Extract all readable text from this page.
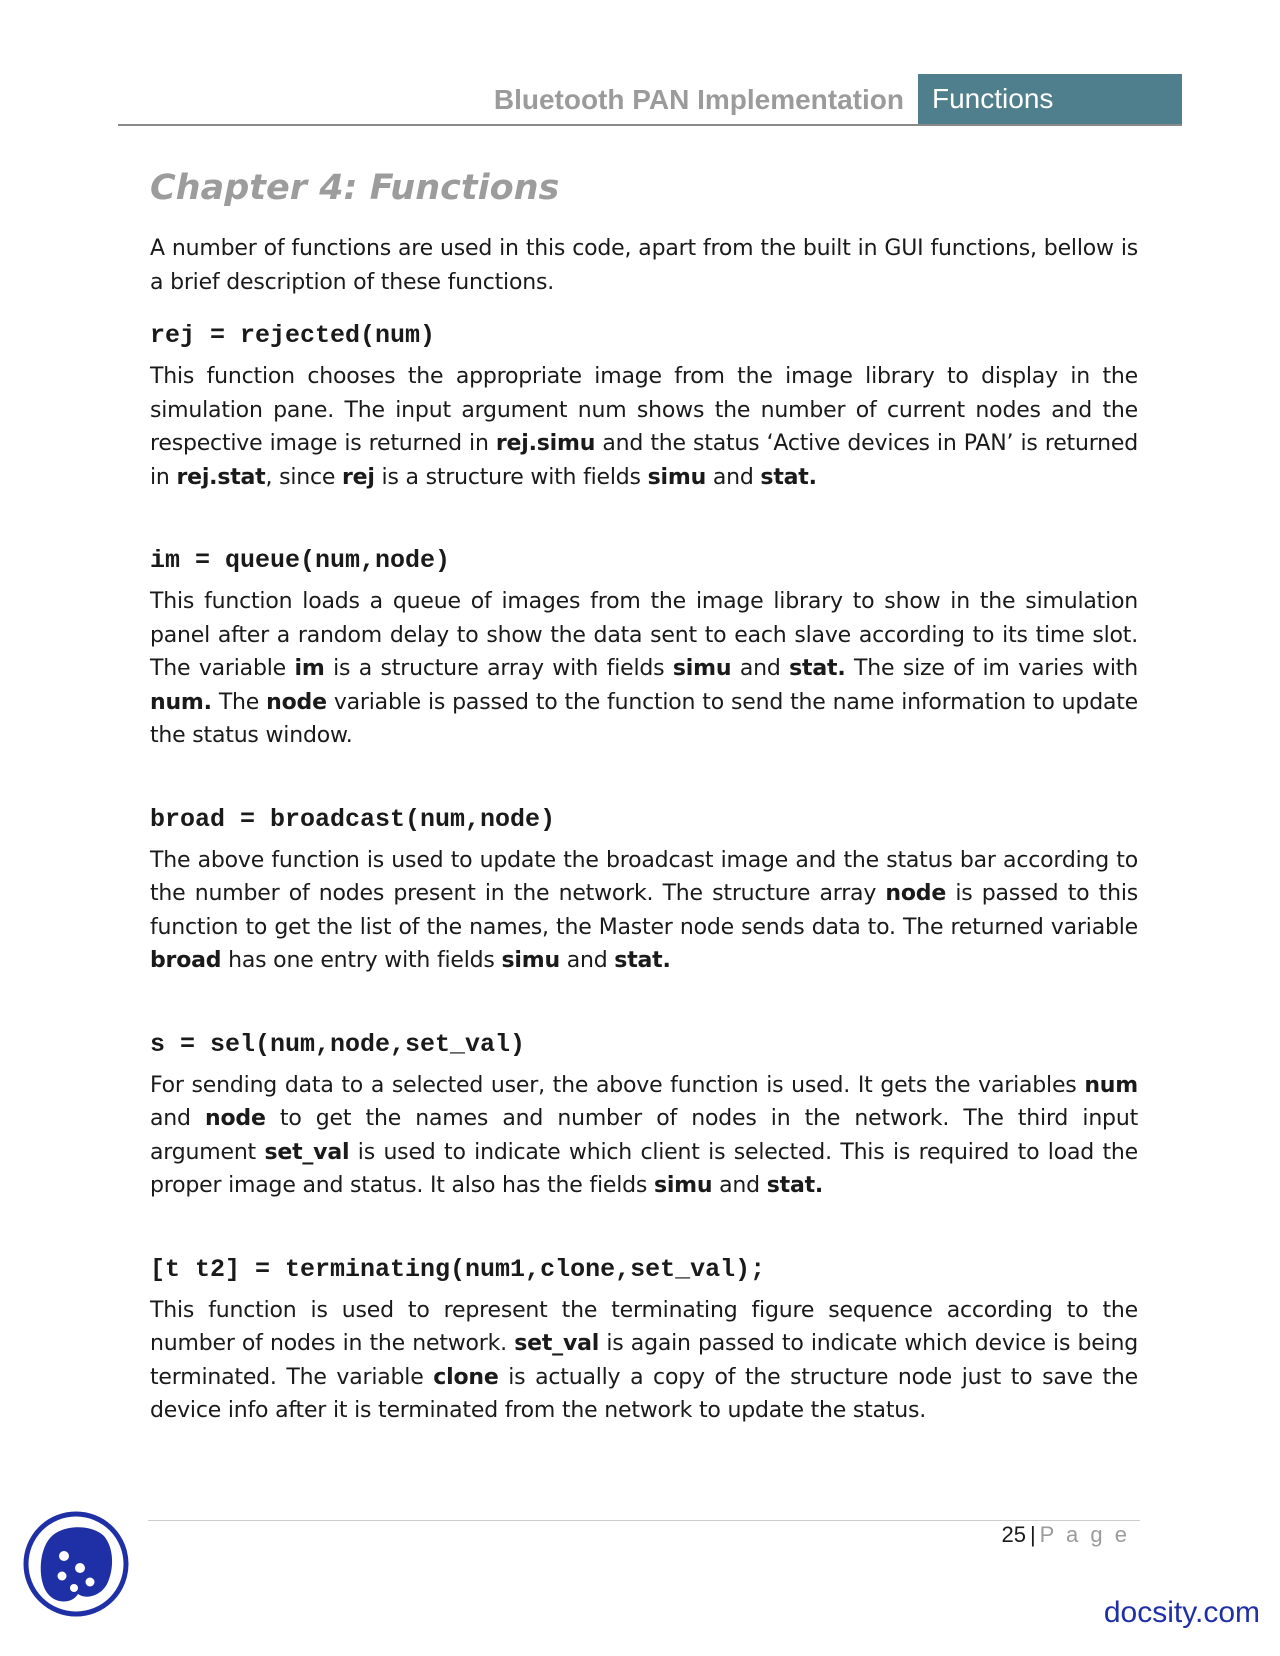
Bluetooth PAN Implementation	Functions
Chapter 4: Functions

A number of functions are used in this code, apart from the built in GUI functions, bellow is a brief description of these functions.

rej = rejected(num)

This function chooses the appropriate image from the image library to display in the simulation pane. The input argument num shows the number of current nodes and the respective image is returned in rej.simu and the status ‘Active devices in PAN’ is returned in rej.stat, since rej is a structure with fields simu and stat.

im = queue(num,node)

This function loads a queue of images from the image library to show in the simulation panel after a random delay to show the data sent to each slave according to its time slot. The variable im is a structure array with fields simu and stat. The size of im varies with num. The node variable is passed to the function to send the name information to update the status window.

broad = broadcast(num,node)

The above function is used to update the broadcast image and the status bar according to the number of nodes present in the network. The structure array node is passed to this function to get the list of the names, the Master node sends data to. The returned variable broad has one entry with fields simu and stat.

s = sel(num,node,set_val)

For sending data to a selected user, the above function is used. It gets the variables num and node to get the names and number of nodes in the network. The third input argument set_val is used to indicate which client is selected. This is required to load the proper image and status. It also has the fields simu and stat.

[t t2] = terminating(num1,clone,set_val);

This function is used to represent the terminating figure sequence according to the number of nodes in the network. set_val is again passed to indicate which device is being terminated. The variable clone is actually a copy of the structure node just to save the device info after it is terminated from the network to update the status.

25 | P a g e
docsity.com
